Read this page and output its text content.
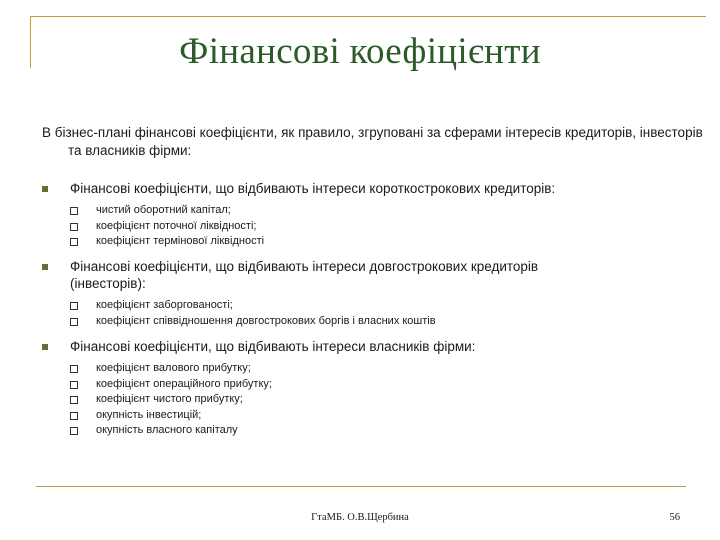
Фінансові коефіцієнти
В бізнес-плані фінансові коефіцієнти, як правило, згруповані за сферами інтересів кредиторів, інвесторів та власників фірми:
Фінансові коефіцієнти, що відбивають інтереси короткострокових кредиторів:
чистий оборотний капітал;
коефіцієнт поточної ліквідності;
коефіцієнт термінової ліквідності
Фінансові коефіцієнти, що відбивають інтереси довгострокових кредиторів (інвесторів):
коефіцієнт заборгованості;
коефіцієнт співвідношення довгострокових боргів і власних коштів
Фінансові коефіцієнти, що відбивають інтереси власників фірми:
коефіцієнт валового прибутку;
коефіцієнт операційного прибутку;
коефіцієнт чистого прибутку;
окупність інвестицій;
окупність власного капіталу
ГтаМБ. О.В.Щербина	56
